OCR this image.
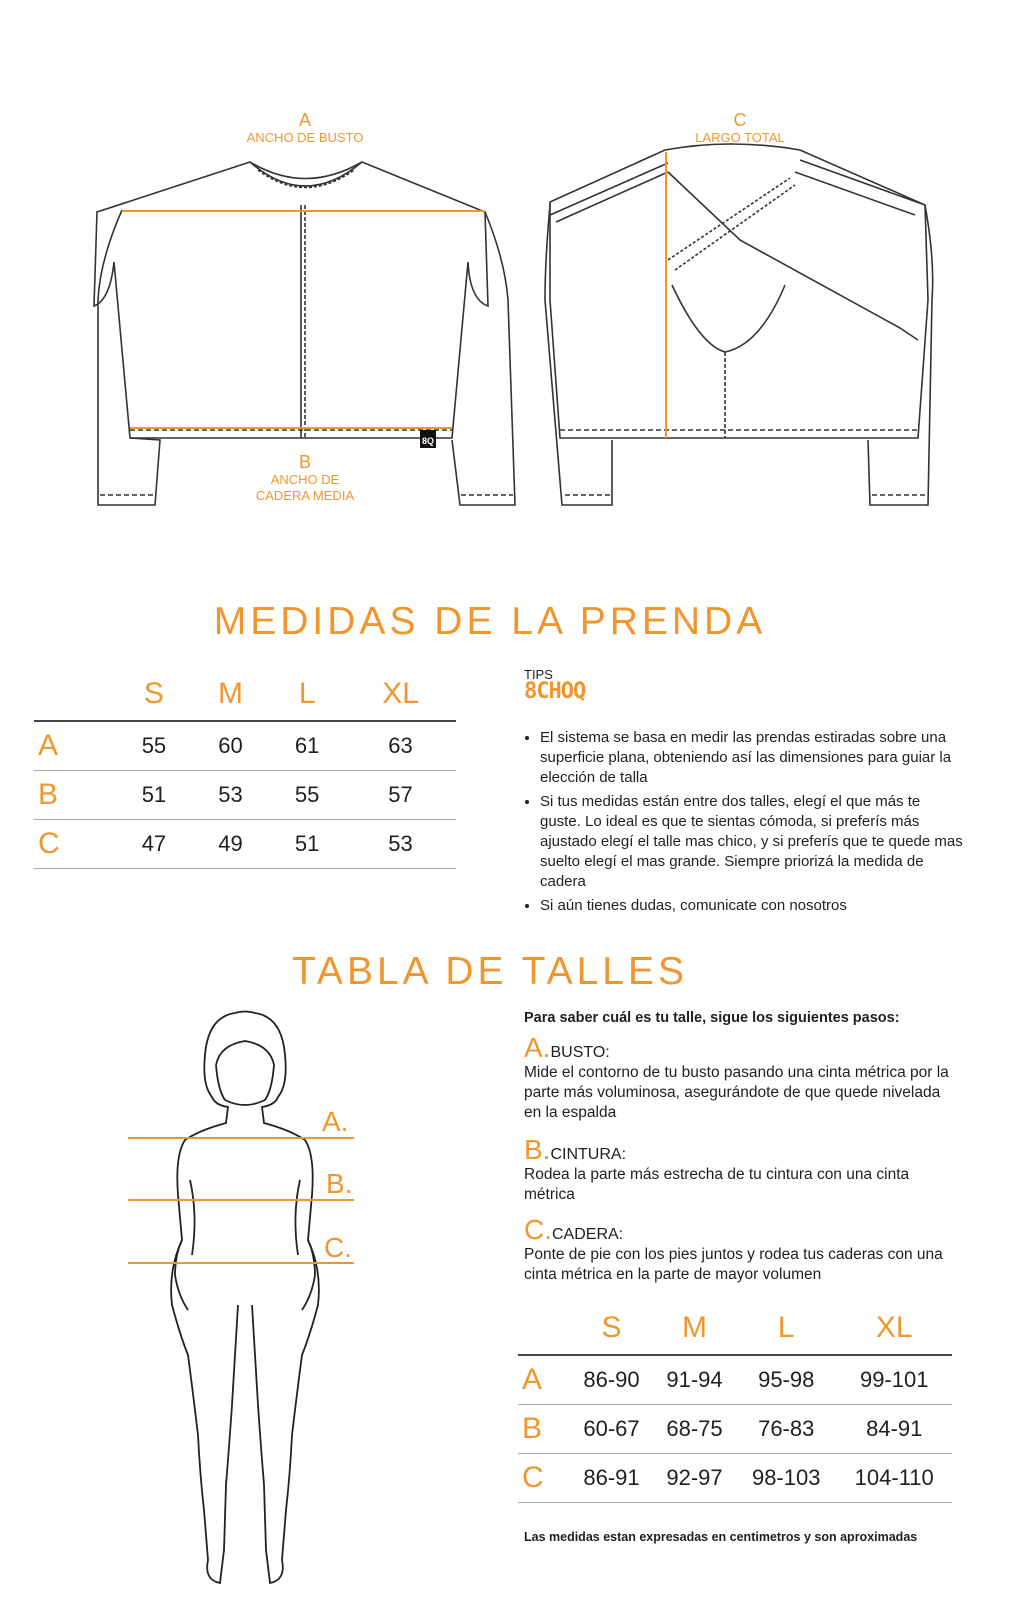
8Q
A
ANCHO DE BUSTO
B
ANCHO DE
CADERA MEDIA
C
LARGO TOTAL
MEDIDAS DE LA PRENDA
	S	M	L	XL
A	55	60	61	63
B	51	53	55	57
C	47	49	51	53
TIPS
8CHOQ
• El sistema se basa en medir las prendas estiradas sobre una superficie plana, obteniendo así las dimensiones para guiar la elección de talla
• Si tus medidas están entre dos talles, elegí el que más te guste. Lo ideal es que te sientas cómoda, si preferís más ajustado elegí el talle mas chico, y si preferís que te quede mas suelto elegí el mas grande. Siempre priorizá la medida de cadera
• Si aún tienes dudas, comunicate con nosotros
TABLA DE TALLES
A.
B.
C.
Para saber cuál es tu talle, sigue los siguientes pasos:
A.BUSTO:
Mide el contorno de tu busto pasando una cinta métrica por la parte más voluminosa, asegurándote de que quede nivelada en la espalda
B.CINTURA:
Rodea la parte más estrecha de tu cintura con una cinta métrica
C.CADERA:
Ponte de pie con los pies juntos y rodea tus caderas con una cinta métrica en la parte de mayor volumen
	S	M	L	XL
A	86-90	91-94	95-98	99-101
B	60-67	68-75	76-83	84-91
C	86-91	92-97	98-103	104-110
Las medidas estan expresadas en centimetros y son aproximadas
